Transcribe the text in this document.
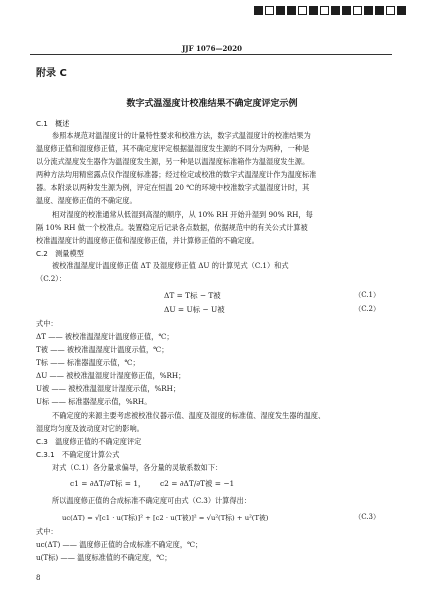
JJF 1076—2020
附录 C
数字式温湿度计校准结果不确定度评定示例
C.1　概述
参照本规范对温湿度计的计量特性要求和校准方法，数字式温湿度计的校准结果为
温度修正值和湿度修正值，其不确定度评定根据温湿度发生源的不同分为两种，一种是
以分流式湿度发生器作为温湿度发生源，另一种是以温湿度标准箱作为温湿度发生源。
两种方法均用精密露点仪作湿度标准器；经过检定或校准的数字式温湿度计作为温度标准
器。本附录以两种发生源为例，评定在恒温 20 ℃的环境中校准数字式温湿度计时，其
温度、湿度修正值的不确定度。
相对湿度的校准通常从低湿到高湿的顺序，从 10% RH 开始升湿到 90% RH，每
隔 10% RH 做一个校准点。装置稳定后记录各点数据，依据规范中的有关公式计算被
校准温湿度计的温度修正值和湿度修正值，并计算修正值的不确定度。
C.2　测量模型
被校准温湿度计温度修正值 ΔT 及湿度修正值 ΔU 的计算见式（C.1）和式
（C.2）：
ΔT = T标 − T被	（C.1）
ΔU = U标 − U被	（C.2）
式中：
ΔT —— 被校准温湿度计温度修正值，℃；
T被 —— 被校准温湿度计温度示值，℃；
T标 —— 标准器温度示值，℃；
ΔU —— 被校准温湿度计湿度修正值，%RH；
U被 —— 被校准温湿度计湿度示值，%RH；
U标 —— 标准器湿度示值，%RH。
不确定度的来源主要考虑被校准仪器示值、温度及湿度的标准值、湿度发生器的温度、
湿度均匀度及波动度对它的影响。
C.3　温度修正值的不确定度评定
C.3.1　不确定度计算公式
对式（C.1）各分量求偏导，各分量的灵敏系数如下：
c1 = ∂ΔT/∂T标 = 1， c2 = ∂ΔT/∂T被 = −1
所以温度修正值的合成标准不确定度可由式（C.3）计算得出：
uc(ΔT) = √[c1 · u(T标)]² + [c2 · u(T被)]² = √u²(T标) + u²(T被)	（C.3）
式中：
uc(ΔT) —— 温度修正值的合成标准不确定度，℃；
u(T标) —— 温度标准值的不确定度，℃；
8
